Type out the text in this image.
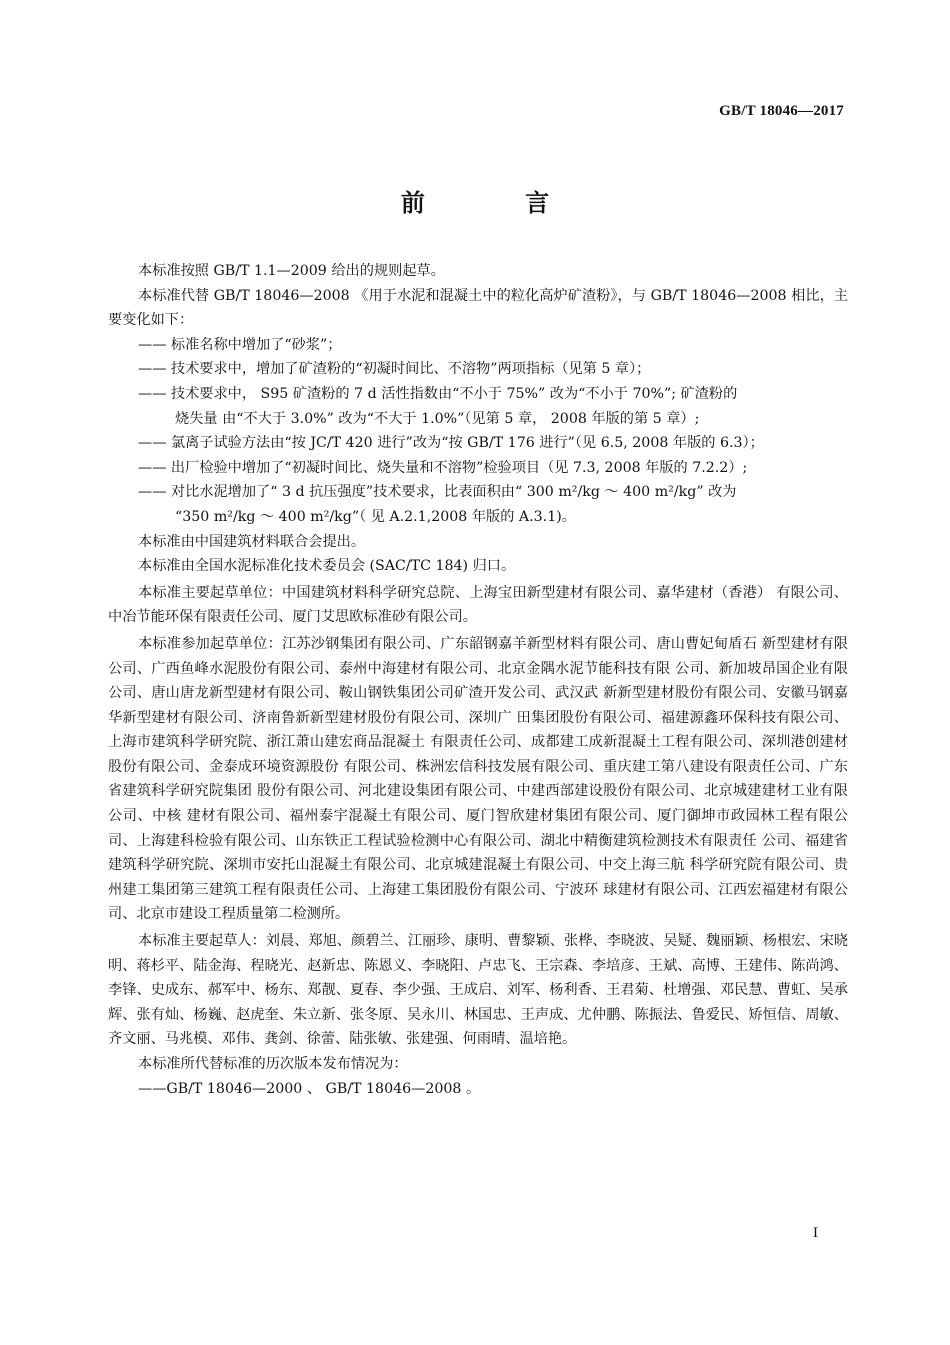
GB/T 18046—2017
前 言

本标准按照 GB/T 1.1—2009 给出的规则起草。

本标准代替 GB/T 18046—2008 《用于水泥和混凝土中的粒化高炉矿渣粉》，与 GB/T 18046—2008 相比，主要变化如下：

—— 标准名称中增加了“砂浆”；

—— 技术要求中，增加了矿渣粉的“初凝时间比、不溶物”两项指标（见第 5 章）；

—— 技术要求中， S95 矿渣粉的 7 d 活性指数由“不小于 75%” 改为“不小于 70%”; 矿渣粉的

烧失量 由“不大于 3.0%” 改为“不大于 1.0%”（见第 5 章， 2008 年版的第 5 章）;

—— 氯离子试验方法由“按 JC/T 420 进行”改为“按 GB/T 176 进行”（见 6.5, 2008 年版的 6.3）；

—— 出厂检验中增加了“初凝时间比、烧失量和不溶物”检验项目（见 7.3, 2008 年版的 7.2.2）;

—— 对比水泥增加了“ 3 d 抗压强度”技术要求，比表面积由“ 300 m²/kg ～ 400 m²/kg” 改为

“350 m²/kg ～ 400 m²/kg”（ 见 A.2.1,2008 年版的 A.3.1)。

本标准由中国建筑材料联合会提出。

本标准由全国水泥标准化技术委员会 (SAC/TC 184) 归口。

本标准主要起草单位：中国建筑材料科学研究总院、上海宝田新型建材有限公司、嘉华建材（香港） 有限公司、中冶节能环保有限责任公司、厦门艾思欧标准砂有限公司。

本标准参加起草单位：江苏沙钢集团有限公司、广东韶钢嘉羊新型材料有限公司、唐山曹妃甸盾石 新型建材有限公司、广西鱼峰水泥股份有限公司、泰州中海建材有限公司、北京金隅水泥节能科技有限 公司、新加坡昂国企业有限公司、唐山唐龙新型建材有限公司、鞍山钢铁集团公司矿渣开发公司、武汉武 新新型建材股份有限公司、安徽马钢嘉华新型建材有限公司、济南鲁新新型建材股份有限公司、深圳广 田集团股份有限公司、福建源鑫环保科技有限公司、上海市建筑科学研究院、浙江萧山建宏商品混凝土 有限责任公司、成都建工成新混凝土工程有限公司、深圳港创建材股份有限公司、金泰成环境资源股份 有限公司、株洲宏信科技发展有限公司、重庆建工第八建设有限责任公司、广东省建筑科学研究院集团 股份有限公司、河北建设集团有限公司、中建西部建设股份有限公司、北京城建建材工业有限公司、中核 建材有限公司、福州泰宇混凝土有限公司、厦门智欣建材集团有限公司、厦门御坤市政园林工程有限公 司、上海建科检验有限公司、山东铁正工程试验检测中心有限公司、湖北中精衡建筑检测技术有限责任 公司、福建省建筑科学研究院、深圳市安托山混凝土有限公司、北京城建混凝土有限公司、中交上海三航 科学研究院有限公司、贵州建工集团第三建筑工程有限责任公司、上海建工集团股份有限公司、宁波环 球建材有限公司、江西宏福建材有限公司、北京市建设工程质量第二检测所。

本标准主要起草人：刘晨、郑旭、颜碧兰、江丽珍、康明、曹黎颖、张桦、李晓波、吴疑、魏丽颖、杨根宏、宋晓明、蒋杉平、陆金海、程晓光、赵新忠、陈恩义、李晓阳、卢忠飞、王宗森、李培彦、王斌、高博、王建伟、陈尚鸿、李锋、史成东、郝军中、杨东、郑靓、夏春、李少强、王成启、刘军、杨利香、王君菊、杜增强、邓民慧、曹虹、吴承辉、张有灿、杨巍、赵虎奎、朱立新、张冬原、吴永川、林国忠、王声成、尤仲鹏、陈振法、鲁爱民、矫恒信、周敏、齐文丽、马兆模、邓伟、龚剑、徐蕾、陆张敏、张建强、何雨晴、温培艳。

本标准所代替标准的历次版本发布情况为：

——GB/T 18046—2000 、 GB/T 18046—2008 。

I
